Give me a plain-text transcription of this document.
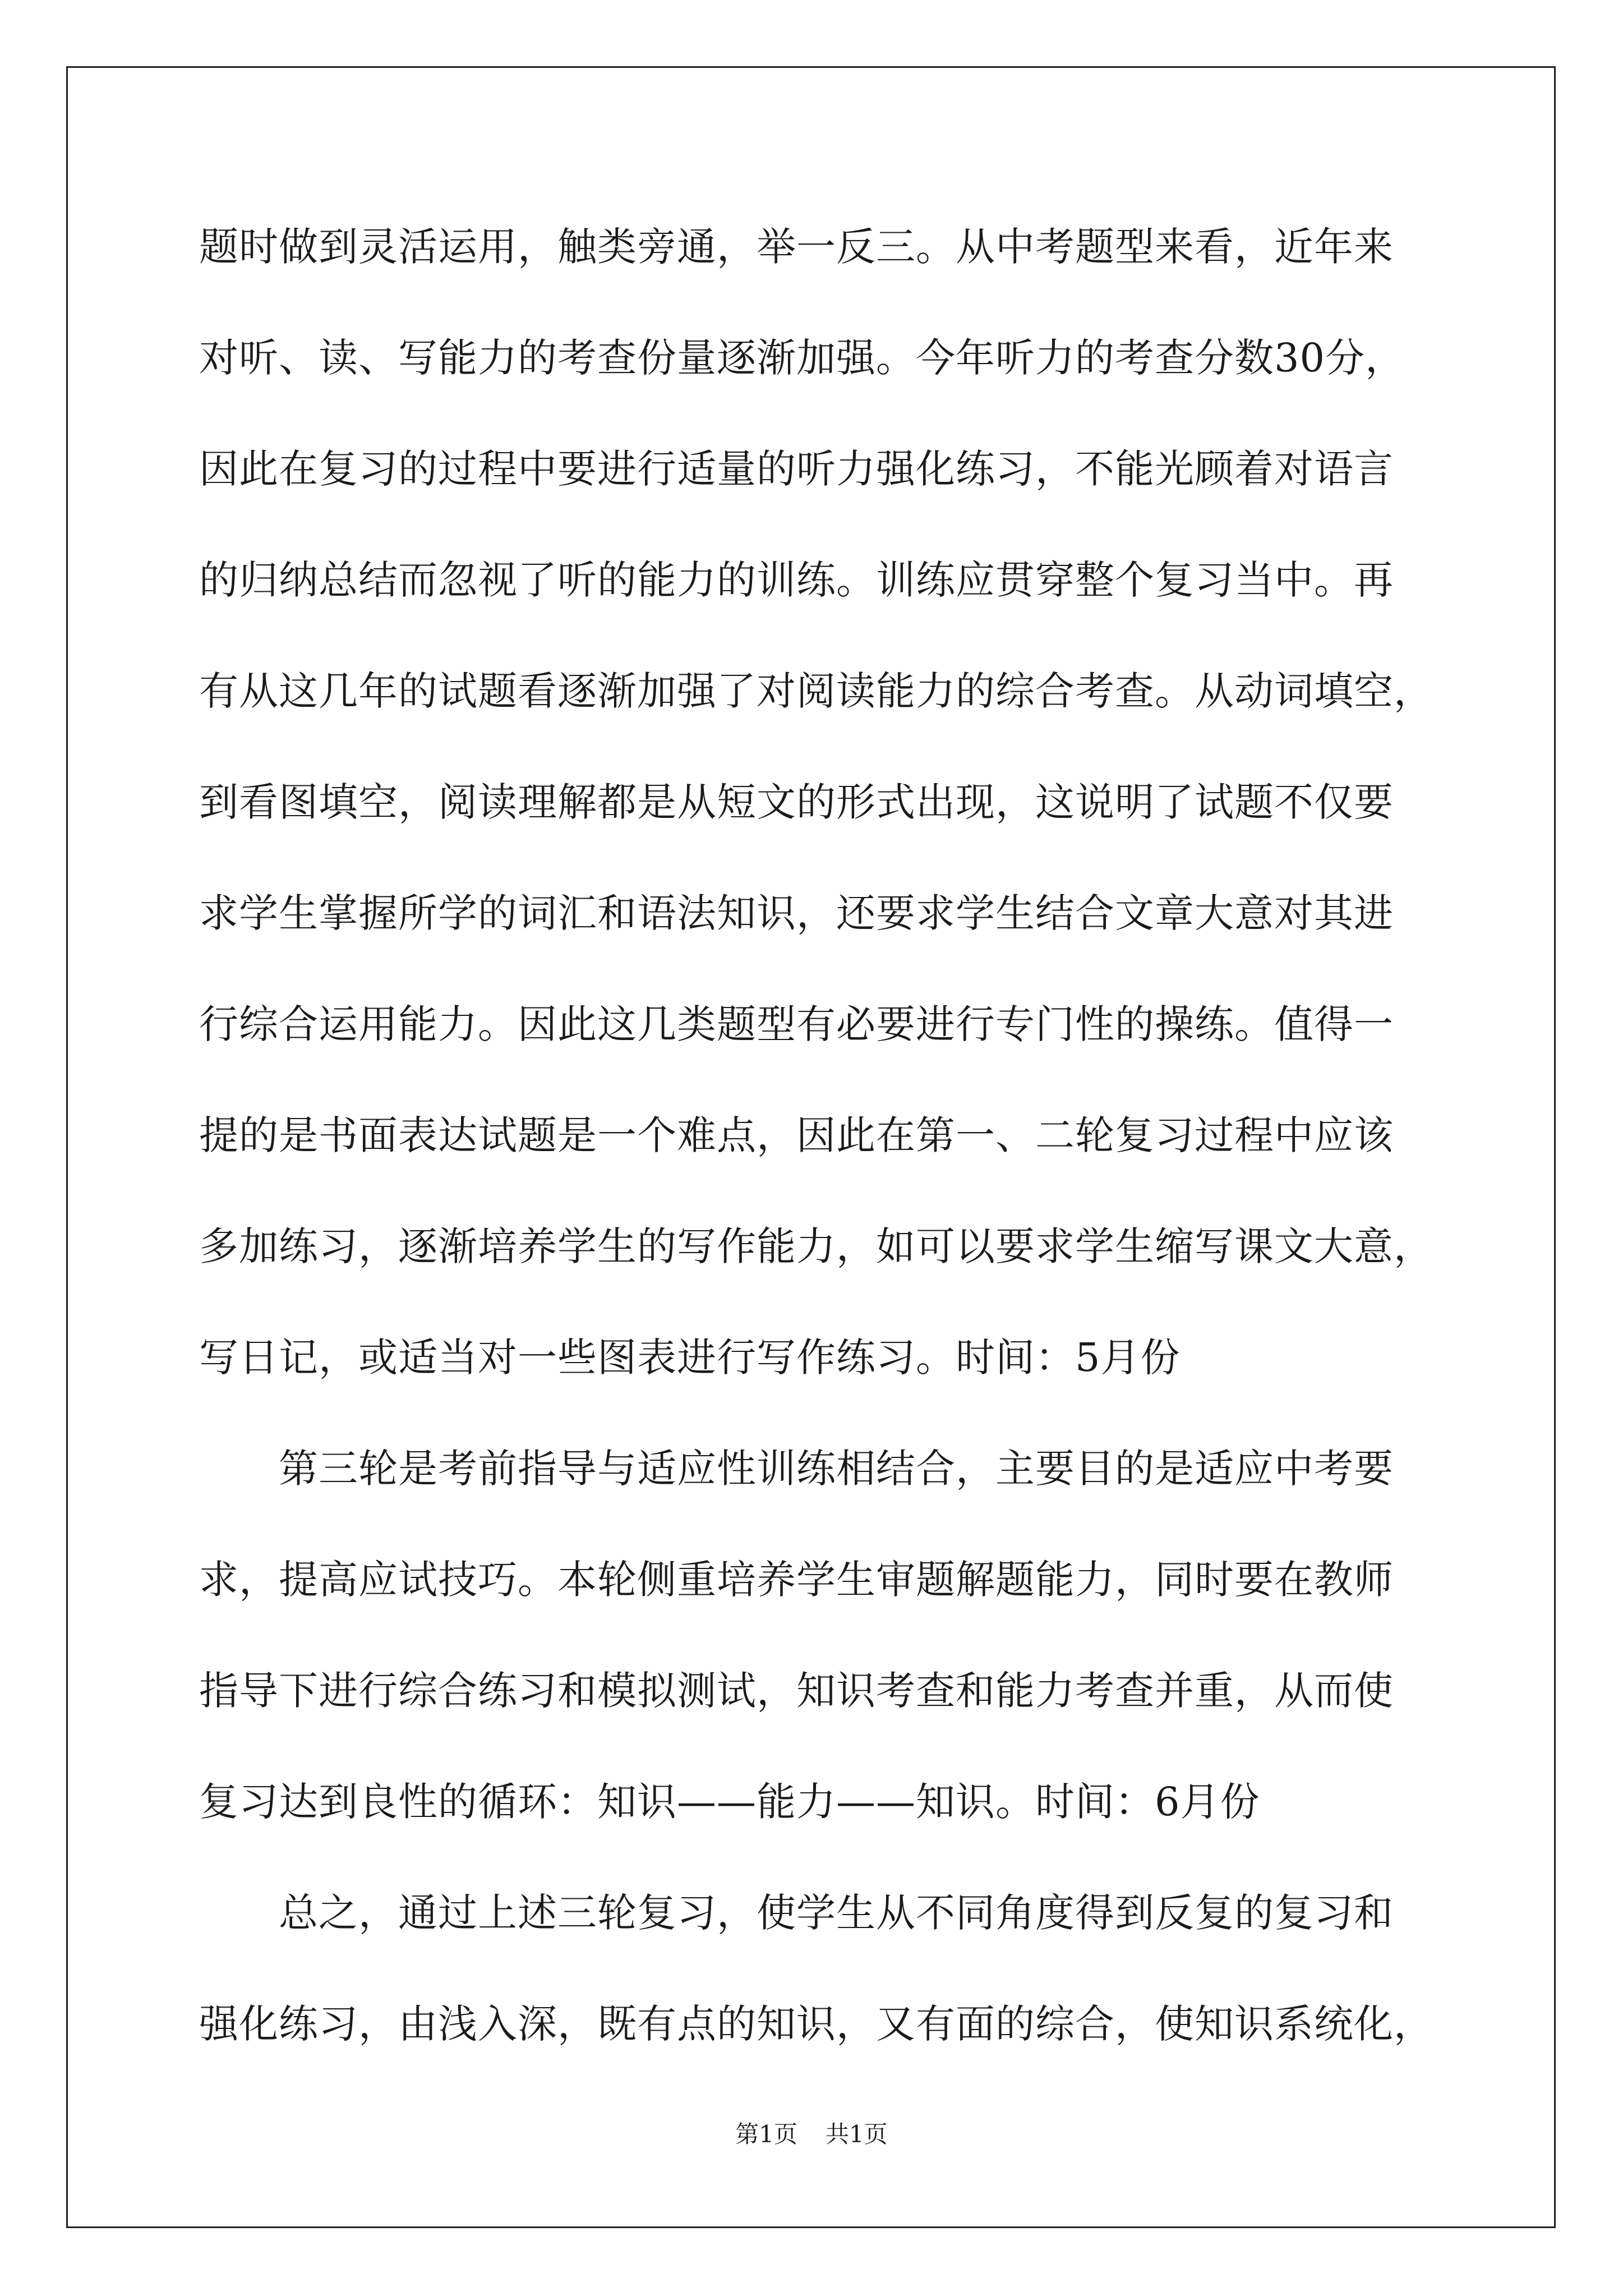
题时做到灵活运用，触类旁通，举一反三。从中考题型来看，近年来
对听、读、写能力的考查份量逐渐加强。今年听力的考查分数30分，
因此在复习的过程中要进行适量的听力强化练习，不能光顾着对语言
的归纳总结而忽视了听的能力的训练。训练应贯穿整个复习当中。再
有从这几年的试题看逐渐加强了对阅读能力的综合考查。从动词填空，
到看图填空，阅读理解都是从短文的形式出现，这说明了试题不仅要
求学生掌握所学的词汇和语法知识，还要求学生结合文章大意对其进
行综合运用能力。因此这几类题型有必要进行专门性的操练。值得一
提的是书面表达试题是一个难点，因此在第一、二轮复习过程中应该
多加练习，逐渐培养学生的写作能力，如可以要求学生缩写课文大意，
写日记，或适当对一些图表进行写作练习。时间：5月份
　　第三轮是考前指导与适应性训练相结合，主要目的是适应中考要
求，提高应试技巧。本轮侧重培养学生审题解题能力，同时要在教师
指导下进行综合练习和模拟测试，知识考查和能力考查并重，从而使
复习达到良性的循环：知识——能力——知识。时间：6月份
　　总之，通过上述三轮复习，使学生从不同角度得到反复的复习和
强化练习，由浅入深，既有点的知识，又有面的综合，使知识系统化，
第1页 共1页
